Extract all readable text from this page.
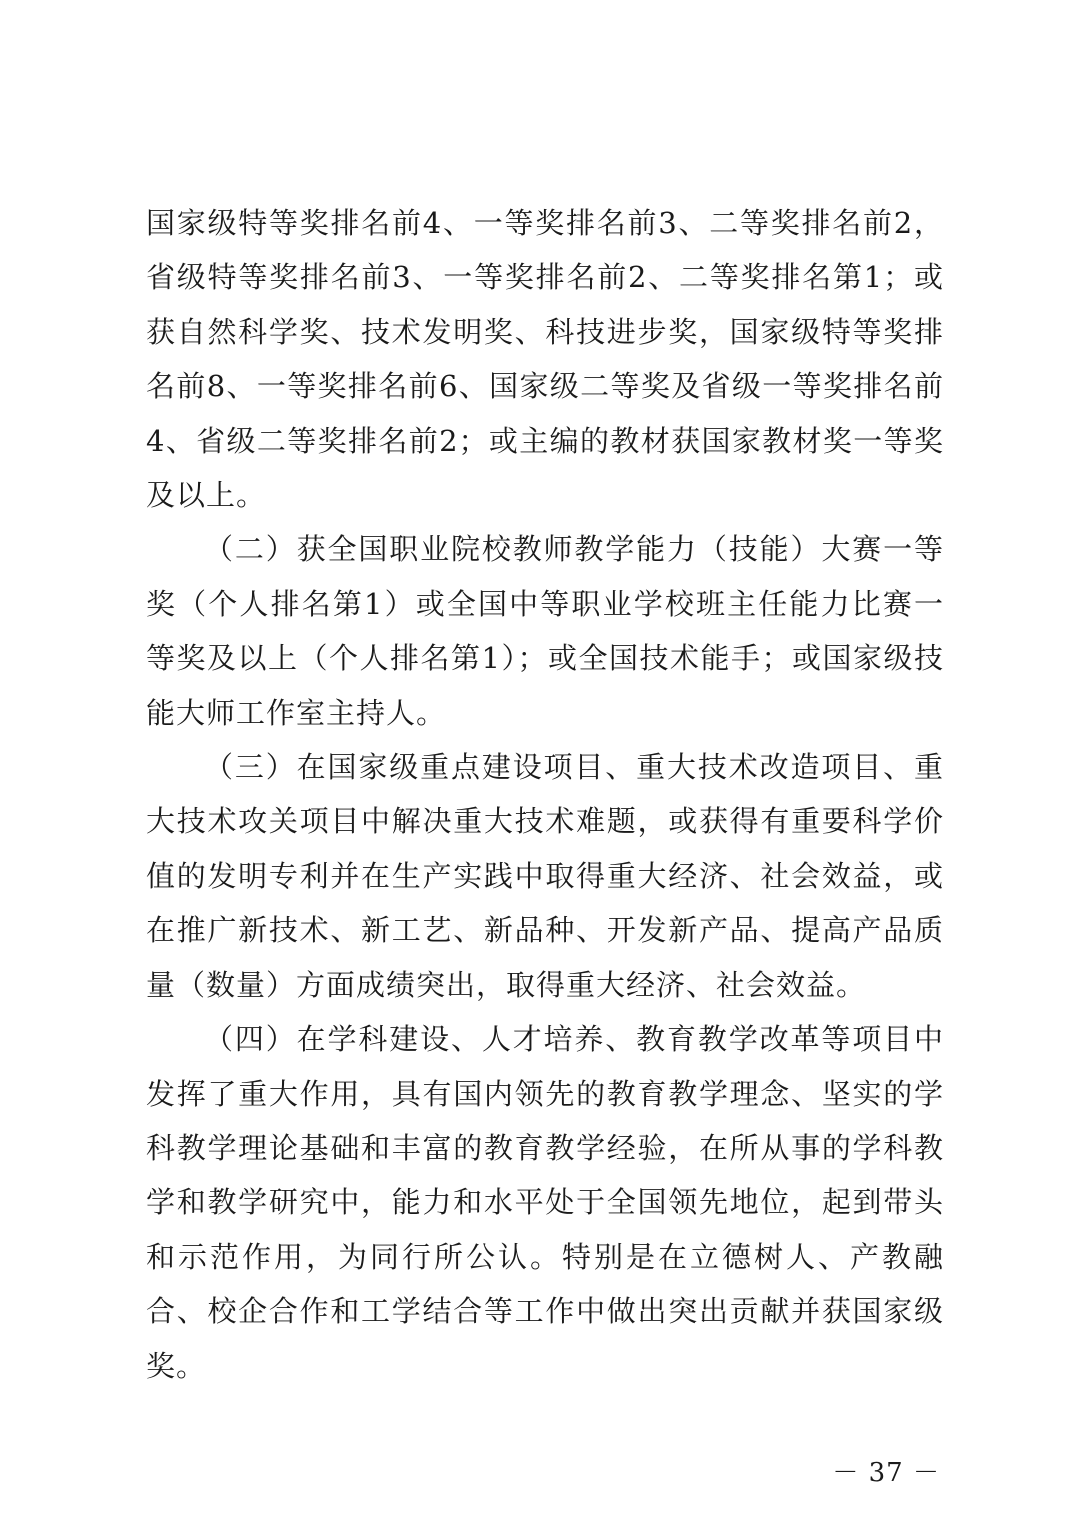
国家级特等奖排名前4、一等奖排名前3、二等奖排名前2，省级特等奖排名前3、一等奖排名前2、二等奖排名第1；或获自然科学奖、技术发明奖、科技进步奖，国家级特等奖排名前8、一等奖排名前6、国家级二等奖及省级一等奖排名前4、省级二等奖排名前2；或主编的教材获国家教材奖一等奖及以上。

（二）获全国职业院校教师教学能力（技能）大赛一等奖（个人排名第1）或全国中等职业学校班主任能力比赛一等奖及以上（个人排名第1）；或全国技术能手；或国家级技能大师工作室主持人。

（三）在国家级重点建设项目、重大技术改造项目、重大技术攻关项目中解决重大技术难题，或获得有重要科学价值的发明专利并在生产实践中取得重大经济、社会效益，或在推广新技术、新工艺、新品种、开发新产品、提高产品质量（数量）方面成绩突出，取得重大经济、社会效益。

（四）在学科建设、人才培养、教育教学改革等项目中发挥了重大作用，具有国内领先的教育教学理念、坚实的学科教学理论基础和丰富的教育教学经验，在所从事的学科教学和教学研究中，能力和水平处于全国领先地位，起到带头和示范作用，为同行所公认。特别是在立德树人、产教融合、校企合作和工学结合等工作中做出突出贡献并获国家级奖。

－ 37 －
